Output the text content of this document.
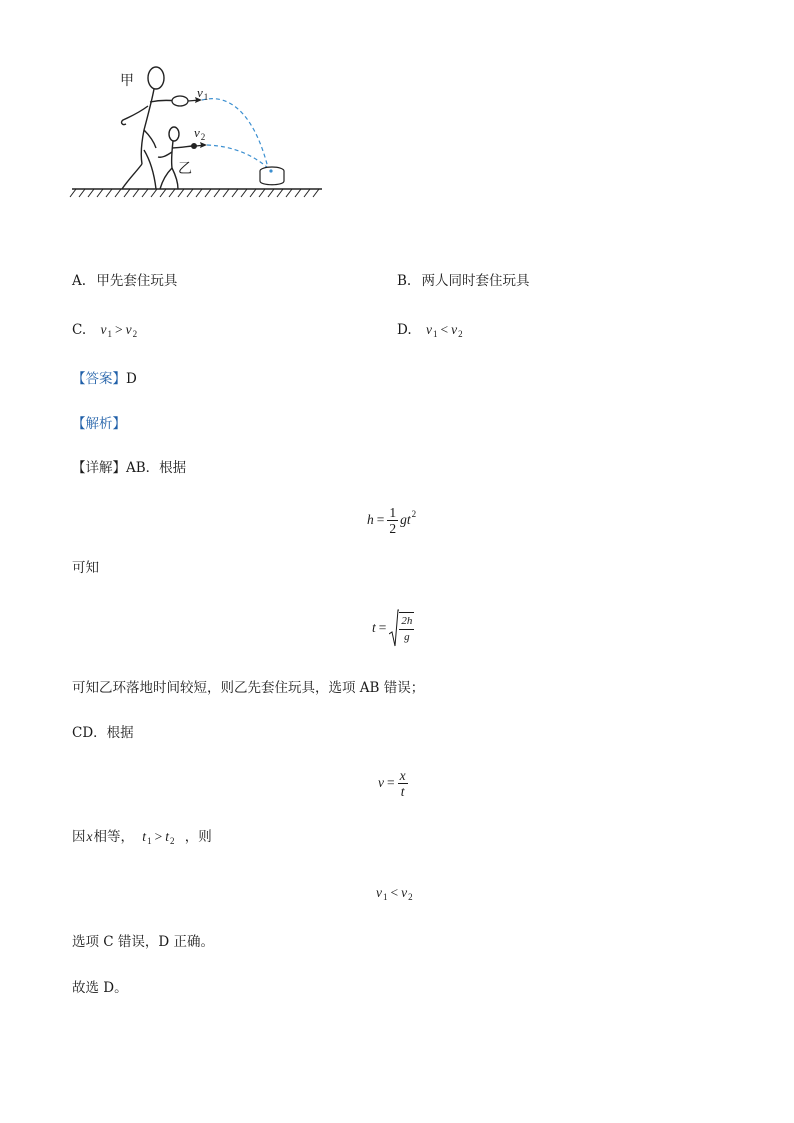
甲
乙
$v_1$
$v_2$
A. 甲先套住玩具	B. 两人同时套住玩具
C. $v_1 > v_2$	D. $v_1 < v_2$
【答案】D
【解析】
【详解】AB．根据
$h = \frac{1}{2}$ g t 2
可知
$t = \frac{2h}{g}$
可知乙环落地时间较短，则乙先套住玩具，选项 AB 错误；
CD．根据
$v = \frac{x}{t}$
因x相等， $t_1 > t_2$ ，则
$v_1 < v_2$
选项 C 错误，D 正确。
故选 D。
